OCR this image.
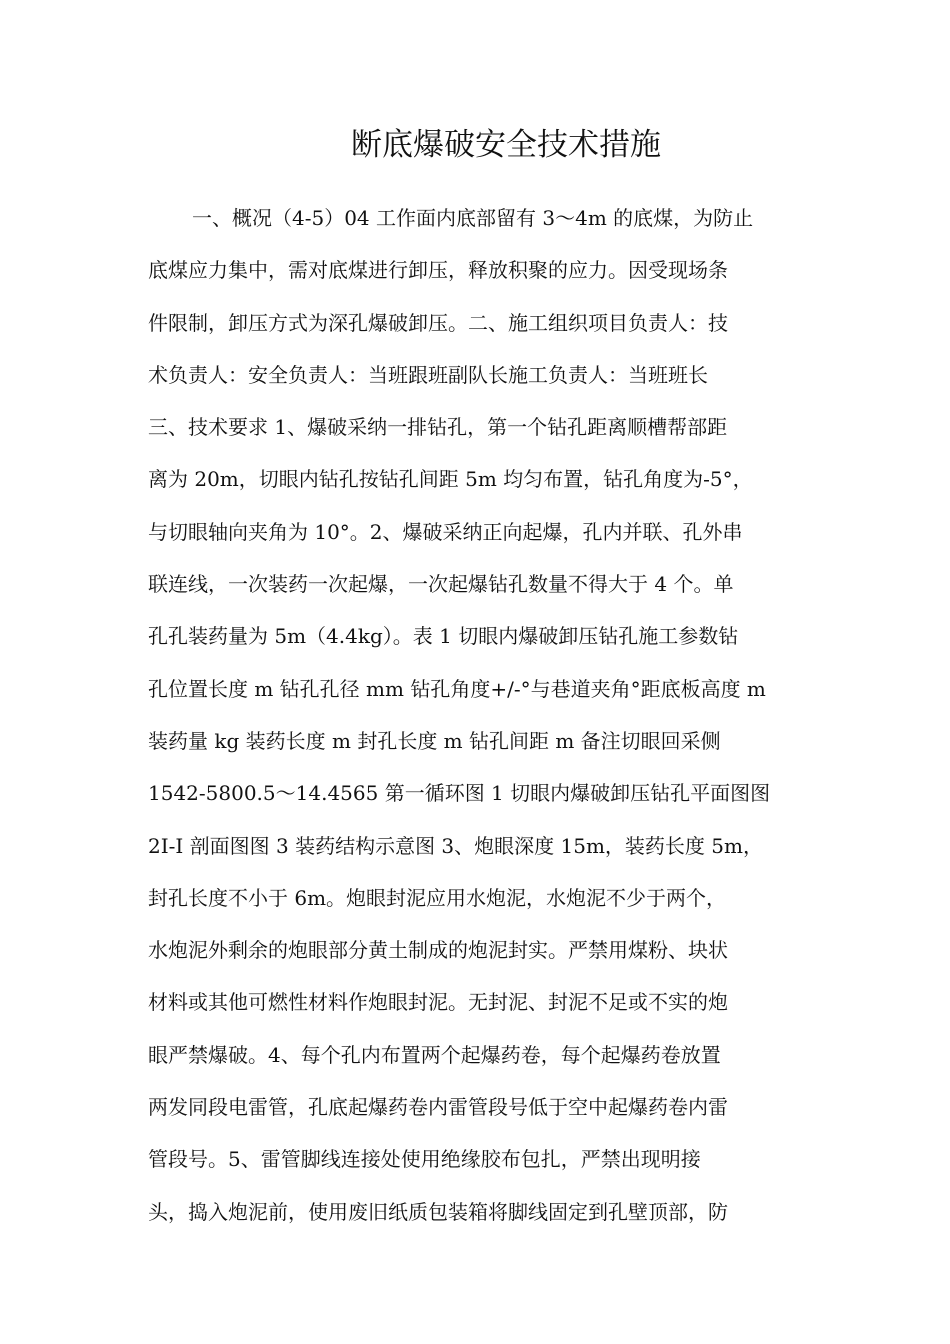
断底爆破安全技术措施
一、概况（4-5）04 工作面内底部留有 3～4m 的底煤，为防止
底煤应力集中，需对底煤进行卸压，释放积聚的应力。因受现场条
件限制，卸压方式为深孔爆破卸压。二、施工组织项目负责人：技
术负责人：安全负责人：当班跟班副队长施工负责人：当班班长
三、技术要求 1、爆破采纳一排钻孔，第一个钻孔距离顺槽帮部距
离为 20m，切眼内钻孔按钻孔间距 5m 均匀布置，钻孔角度为-5°，
与切眼轴向夹角为 10°。2、爆破采纳正向起爆，孔内并联、孔外串
联连线，一次装药一次起爆，一次起爆钻孔数量不得大于 4 个。单
孔孔装药量为 5m（4.4kg）。表 1 切眼内爆破卸压钻孔施工参数钻
孔位置长度 m 钻孔孔径 mm 钻孔角度+/-°与巷道夹角°距底板高度 m
装药量 kg 装药长度 m 封孔长度 m 钻孔间距 m 备注切眼回采侧
1542-5800.5～14.4565 第一循环图 1 切眼内爆破卸压钻孔平面图图
2I-I 剖面图图 3 装药结构示意图 3、炮眼深度 15m，装药长度 5m，
封孔长度不小于 6m。炮眼封泥应用水炮泥，水炮泥不少于两个，
水炮泥外剩余的炮眼部分黄土制成的炮泥封实。严禁用煤粉、块状
材料或其他可燃性材料作炮眼封泥。无封泥、封泥不足或不实的炮
眼严禁爆破。4、每个孔内布置两个起爆药卷，每个起爆药卷放置
两发同段电雷管，孔底起爆药卷内雷管段号低于空中起爆药卷内雷
管段号。5、雷管脚线连接处使用绝缘胶布包扎，严禁出现明接
头，捣入炮泥前，使用废旧纸质包装箱将脚线固定到孔壁顶部，防
